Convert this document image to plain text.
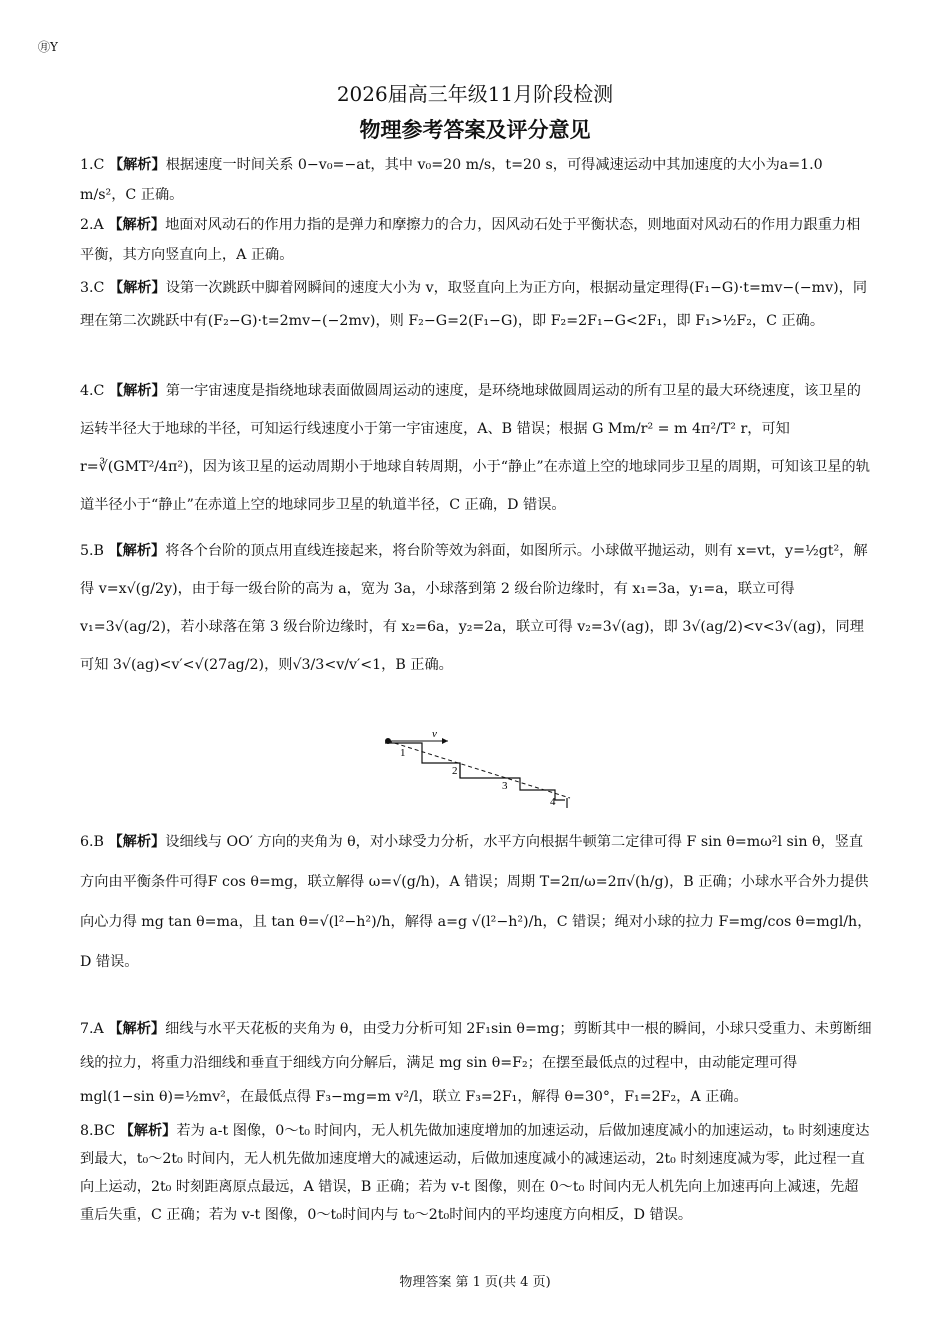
㊊Y
2026届高三年级11月阶段检测
物理参考答案及评分意见

1.C 【解析】根据速度一时间关系 0−v₀=−at，其中 v₀=20 m/s，t=20 s，可得减速运动中其加速度的大小为a=1.0 m/s²，C 正确。

2.A 【解析】地面对风动石的作用力指的是弹力和摩擦力的合力，因风动石处于平衡状态，则地面对风动石的作用力跟重力相平衡，其方向竖直向上，A 正确。

3.C 【解析】设第一次跳跃中脚着网瞬间的速度大小为 v，取竖直向上为正方向，根据动量定理得(F₁−G)·t=mv−(−mv)，同理在第二次跳跃中有(F₂−G)·t=2mv−(−2mv)，则 F₂−G=2(F₁−G)，即 F₂=2F₁−G<2F₁，即 F₁>½F₂，C 正确。

4.C 【解析】第一宇宙速度是指绕地球表面做圆周运动的速度，是环绕地球做圆周运动的所有卫星的最大环绕速度，该卫星的运转半径大于地球的半径，可知运行线速度小于第一宇宙速度，A、B 错误；根据 G Mm/r² = m 4π²/T² r，可知 r=∛(GMT²/4π²)，因为该卫星的运动周期小于地球自转周期，小于“静止”在赤道上空的地球同步卫星的周期，可知该卫星的轨道半径小于“静止”在赤道上空的地球同步卫星的轨道半径，C 正确，D 错误。

5.B 【解析】将各个台阶的顶点用直线连接起来，将台阶等效为斜面，如图所示。小球做平抛运动，则有 x=vt，y=½gt²，解得 v=x√(g/2y)，由于每一级台阶的高为 a，宽为 3a，小球落到第 2 级台阶边缘时，有 x₁=3a，y₁=a，联立可得 v₁=3√(ag/2)，若小球落在第 3 级台阶边缘时，有 x₂=6a，y₂=2a，联立可得 v₂=3√(ag)，即 3√(ag/2)<v<3√(ag)，同理可知 3√(ag)<v′<√(27ag/2)，则√3/3<v/v′<1，B 正确。

6.B 【解析】设细线与 OO′ 方向的夹角为 θ，对小球受力分析，水平方向根据牛顿第二定律可得 F sin θ=mω²l sin θ，竖直方向由平衡条件可得F cos θ=mg，联立解得 ω=√(g/h)，A 错误；周期 T=2π/ω=2π√(h/g)，B 正确；小球水平合外力提供向心力得 mg tan θ=ma，且 tan θ=√(l²−h²)/h，解得 a=g √(l²−h²)/h，C 错误；绳对小球的拉力 F=mg/cos θ=mgl/h，D 错误。

7.A 【解析】细线与水平天花板的夹角为 θ，由受力分析可知 2F₁sin θ=mg；剪断其中一根的瞬间，小球只受重力、未剪断细线的拉力，将重力沿细线和垂直于细线方向分解后，满足 mg sin θ=F₂；在摆至最低点的过程中，由动能定理可得 mgl(1−sin θ)=½mv²，在最低点得 F₃−mg=m v²/l，联立 F₃=2F₁，解得 θ=30°，F₁=2F₂，A 正确。

8.BC 【解析】若为 a-t 图像，0～t₀ 时间内，无人机先做加速度增加的加速运动，后做加速度减小的加速运动，t₀ 时刻速度达到最大，t₀～2t₀ 时间内，无人机先做加速度增大的减速运动，后做加速度减小的减速运动，2t₀ 时刻速度减为零，此过程一直向上运动，2t₀ 时刻距离原点最远，A 错误，B 正确；若为 v-t 图像，则在 0～t₀ 时间内无人机先向上加速再向上减速，先超重后失重，C 正确；若为 v-t 图像，0～t₀时间内与 t₀～2t₀时间内的平均速度方向相反，D 错误。

v
1
2
3
4
物理答案 第 1 页(共 4 页)
